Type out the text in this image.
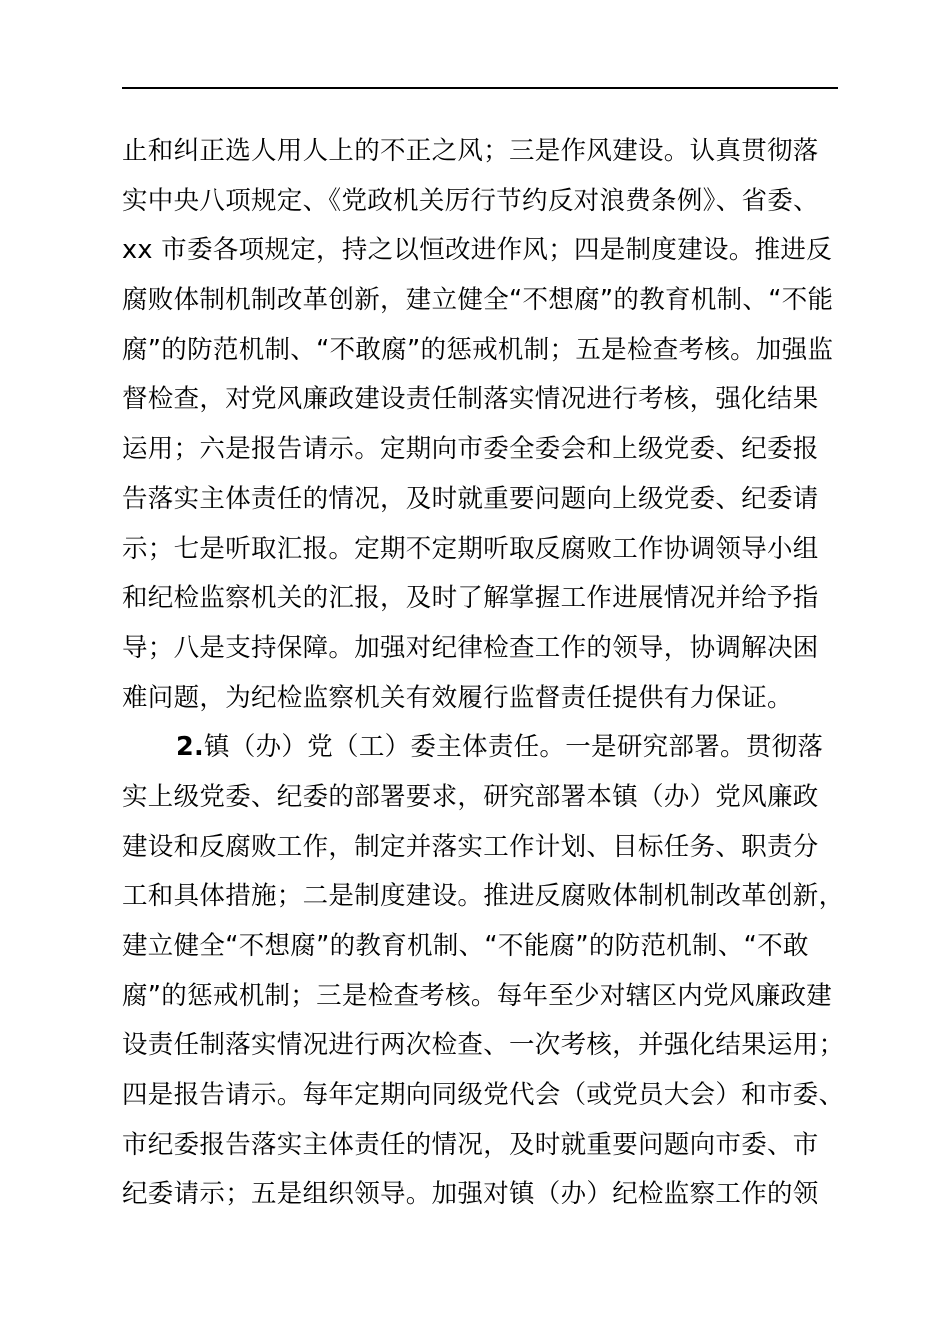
止和纠正选人用人上的不正之风；三是作风建设。认真贯彻落
实中央八项规定、《党政机关厉行节约反对浪费条例》、省委、
xx 市委各项规定，持之以恒改进作风；四是制度建设。推进反
腐败体制机制改革创新，建立健全“不想腐”的教育机制、“不能
腐”的防范机制、“不敢腐”的惩戒机制；五是检查考核。加强监
督检查，对党风廉政建设责任制落实情况进行考核，强化结果
运用；六是报告请示。定期向市委全委会和上级党委、纪委报
告落实主体责任的情况，及时就重要问题向上级党委、纪委请
示；七是听取汇报。定期不定期听取反腐败工作协调领导小组
和纪检监察机关的汇报，及时了解掌握工作进展情况并给予指
导；八是支持保障。加强对纪律检查工作的领导，协调解决困
难问题，为纪检监察机关有效履行监督责任提供有力保证。
2.镇（办）党（工）委主体责任。一是研究部署。贯彻落
实上级党委、纪委的部署要求，研究部署本镇（办）党风廉政
建设和反腐败工作，制定并落实工作计划、目标任务、职责分
工和具体措施；二是制度建设。推进反腐败体制机制改革创新，
建立健全“不想腐”的教育机制、“不能腐”的防范机制、“不敢
腐”的惩戒机制；三是检查考核。每年至少对辖区内党风廉政建
设责任制落实情况进行两次检查、一次考核，并强化结果运用；
四是报告请示。每年定期向同级党代会（或党员大会）和市委、
市纪委报告落实主体责任的情况，及时就重要问题向市委、市
纪委请示；五是组织领导。加强对镇（办）纪检监察工作的领
